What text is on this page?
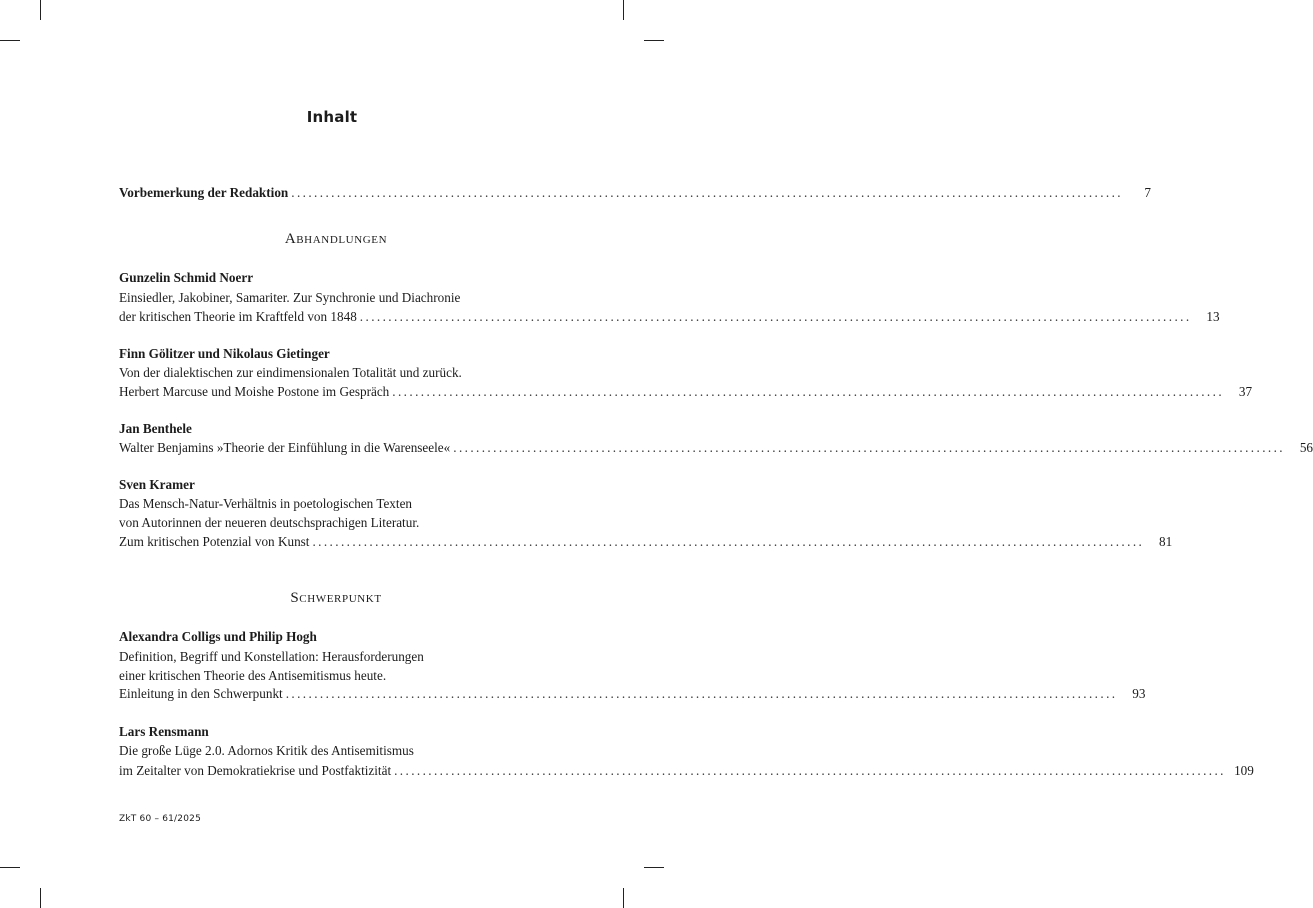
Inhalt
Vorbemerkung der Redaktion ..................................................................................................................................................	7
Abhandlungen
Gunzelin Schmid Noerr
Einsiedler, Jakobiner, Samariter. Zur Synchronie und Diachronie
der kritischen Theorie im Kraftfeld von 1848 ..................................................................................................................................................	13
Finn Gölitzer und Nikolaus Gietinger
Von der dialektischen zur eindimensionalen Totalität und zurück.
Herbert Marcuse und Moishe Postone im Gespräch ..................................................................................................................................................	37
Jan Benthele
Walter Benjamins »Theorie der Einfühlung in die Warenseele« ..................................................................................................................................................	56
Sven Kramer
Das Mensch-Natur-Verhältnis in poetologischen Texten
von Autorinnen der neueren deutschsprachigen Literatur.
Zum kritischen Potenzial von Kunst ..................................................................................................................................................	81
Schwerpunkt
Alexandra Colligs und Philip Hogh
Definition, Begriff und Konstellation: Herausforderungen
einer kritischen Theorie des Antisemitismus heute.
Einleitung in den Schwerpunkt ..................................................................................................................................................	93
Lars Rensmann
Die große Lüge 2.0. Adornos Kritik des Antisemitismus
im Zeitalter von Demokratiekrise und Postfaktizität .................................................................................................................................................. 109
ZkT 60 – 61/2025
